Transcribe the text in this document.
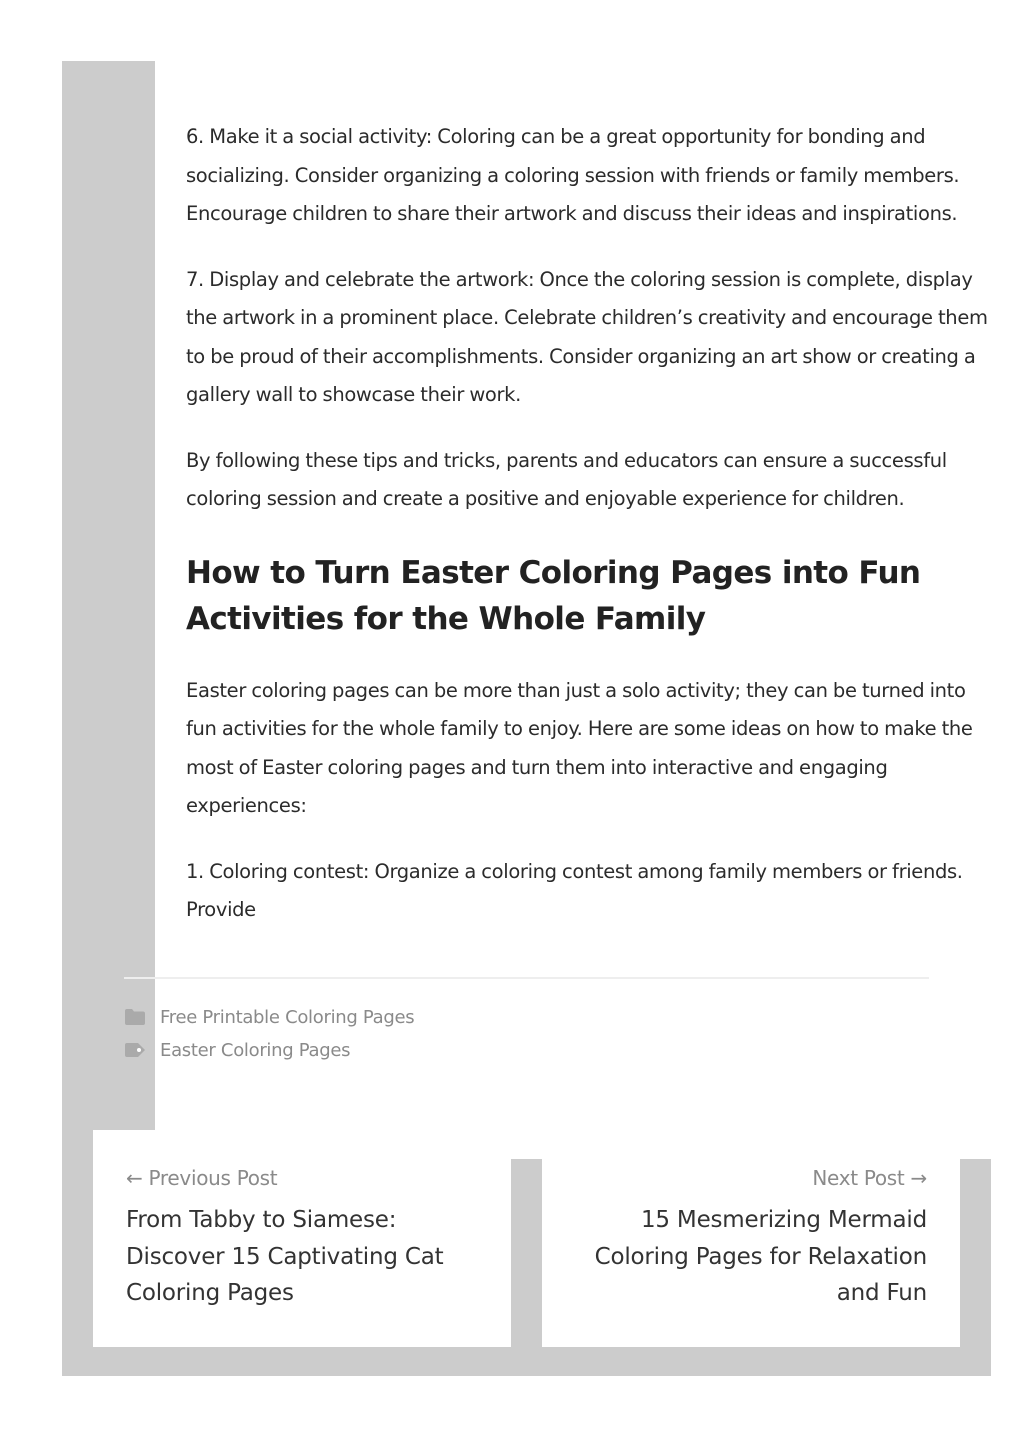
6. Make it a social activity: Coloring can be a great opportunity for bonding and socializing. Consider organizing a coloring session with friends or family members. Encourage children to share their artwork and discuss their ideas and inspirations.

7. Display and celebrate the artwork: Once the coloring session is complete, display the artwork in a prominent place. Celebrate children’s creativity and encourage them to be proud of their accomplishments. Consider organizing an art show or creating a gallery wall to showcase their work.

By following these tips and tricks, parents and educators can ensure a successful coloring session and create a positive and enjoyable experience for children.

How to Turn Easter Coloring Pages into Fun Activities for the Whole Family

Easter coloring pages can be more than just a solo activity; they can be turned into fun activities for the whole family to enjoy. Here are some ideas on how to make the most of Easter coloring pages and turn them into interactive and engaging experiences:

1. Coloring contest: Organize a coloring contest among family members or friends. Provide

← Previous Post
From Tabby to Siamese: Discover 15 Captivating Cat Coloring Pages
Next Post →
15 Mesmerizing Mermaid Coloring Pages for Relaxation and Fun
Free Printable Coloring Pages
Easter Coloring Pages
